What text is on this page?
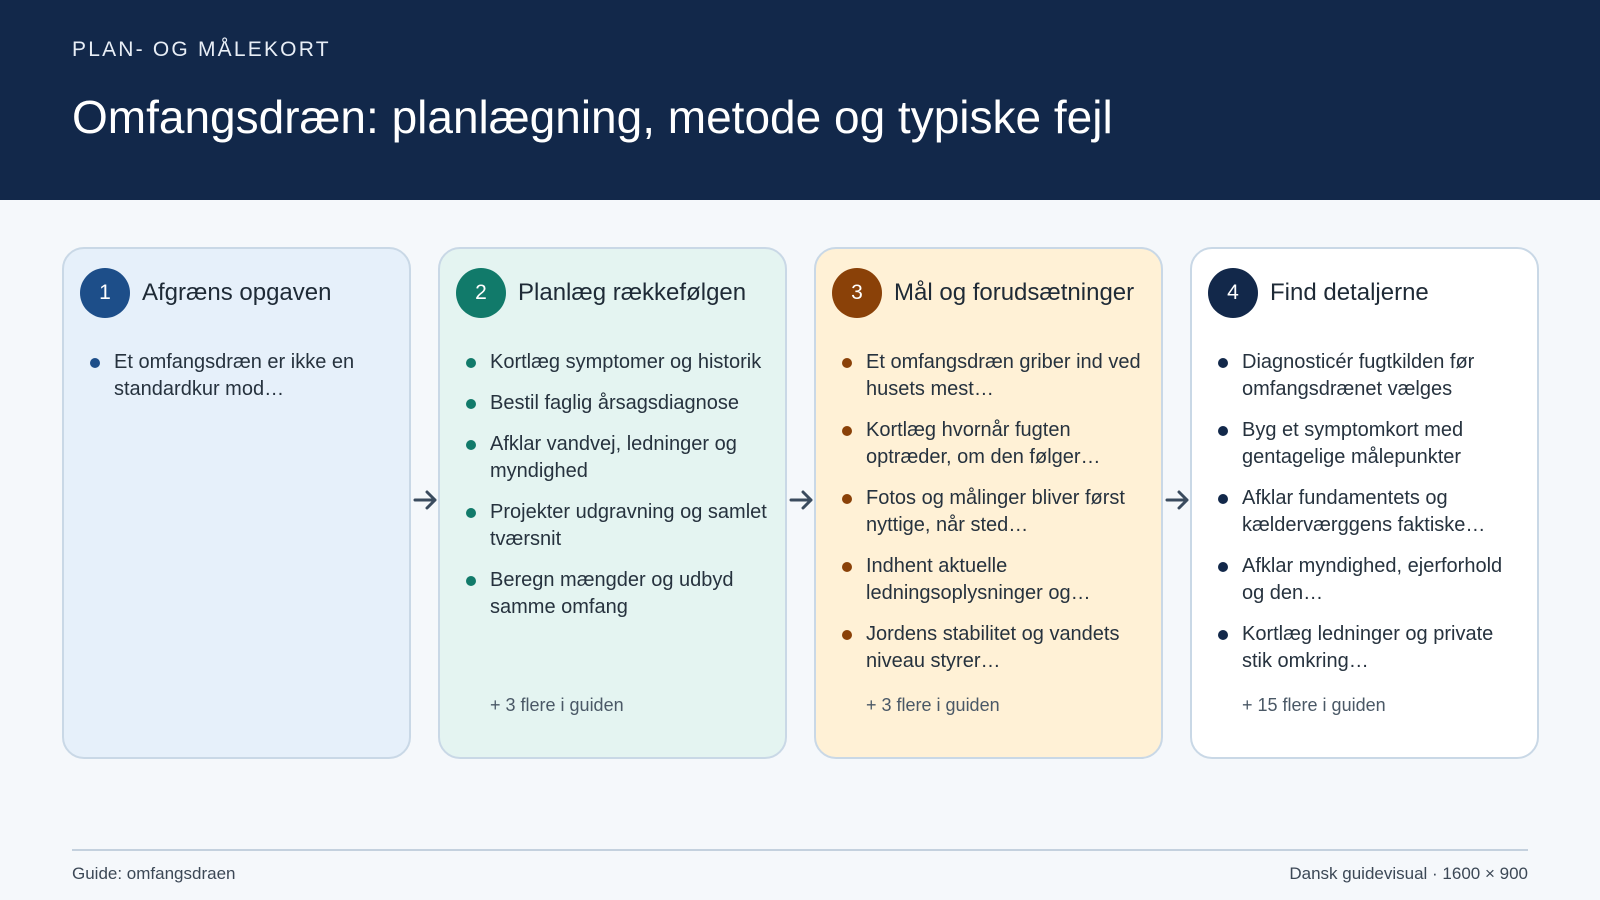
PLAN- OG MÅLEKORT
Omfangsdræn: planlægning, metode og typiske fejl
1	Afgræns opgaven
Et omfangsdræn er ikke en standardkur mod…
2	Planlæg rækkefølgen
Kortlæg symptomer og historik
Bestil faglig årsagsdiagnose
Afklar vandvej, ledninger og myndighed
Projekter udgravning og samlet tværsnit
Beregn mængder og udbyd samme omfang
+ 3 flere i guiden
3	Mål og forudsætninger
Et omfangsdræn griber ind ved husets mest…
Kortlæg hvornår fugten optræder, om den følger…
Fotos og målinger bliver først nyttige, når sted…
Indhent aktuelle ledningsoplysninger og…
Jordens stabilitet og vandets niveau styrer…
+ 3 flere i guiden
4	Find detaljerne
Diagnosticér fugtkilden før omfangsdrænet vælges
Byg et symptomkort med gentagelige målepunkter
Afklar fundamentets og kælderværggens faktiske…
Afklar myndighed, ejerforhold og den…
Kortlæg ledninger og private stik omkring…
+ 15 flere i guiden
Guide: omfangsdraen	Dansk guidevisual · 1600 × 900
